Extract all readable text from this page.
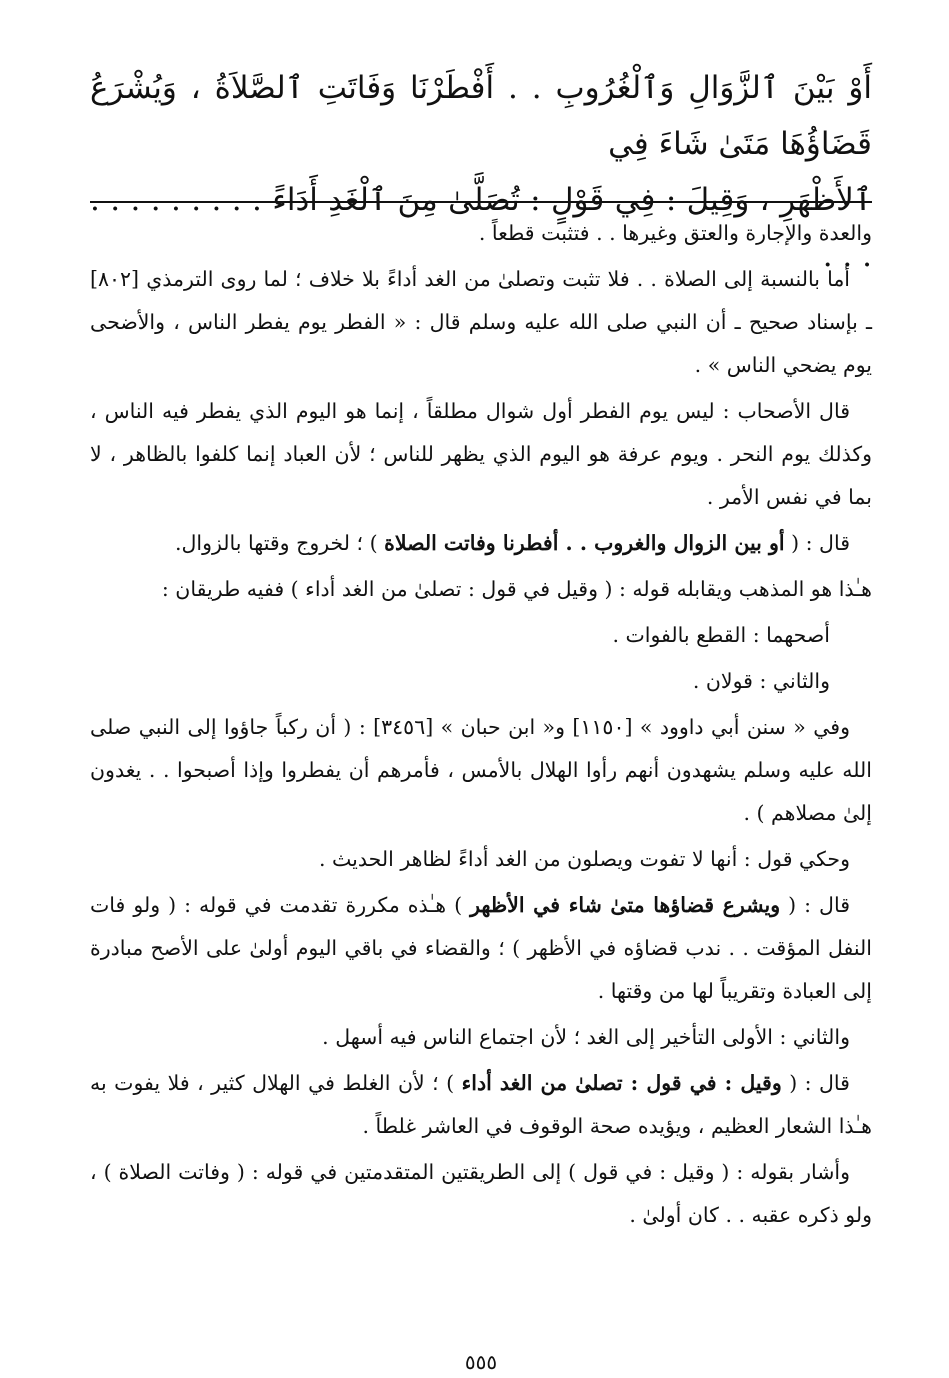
أَوْ بَيْنَ ٱلزَّوَالِ وَٱلْغُرُوبِ . . أَفْطَرْنَا وَفَاتَتِ ٱلصَّلاَةُ ، وَيُشْرَعُ قَضَاؤُهَا مَتَىٰ شَاءَ فِي

ٱلأَظْهَرِ ، وَقِيلَ : فِي قَوْلٍ : تُصَلَّىٰ مِنَ ٱلْغَدِ أَدَاءً . . . . . . . . . . . .

والعدة والإجارة والعتق وغيرها . . فتثبت قطعاً .

أما بالنسبة إلى الصلاة . . فلا تثبت وتصلىٰ من الغد أداءً بلا خلاف ؛ لما روى الترمذي [٨٠٢] ـ بإسناد صحيح ـ أن النبي صلى الله عليه وسلم قال : « الفطر يوم يفطر الناس ، والأضحى يوم يضحي الناس » .

قال الأصحاب : ليس يوم الفطر أول شوال مطلقاً ، إنما هو اليوم الذي يفطر فيه الناس ، وكذلك يوم النحر . ويوم عرفة هو اليوم الذي يظهر للناس ؛ لأن العباد إنما كلفوا بالظاهر ، لا بما في نفس الأمر .

قال : ( أو بين الزوال والغروب . . أفطرنا وفاتت الصلاة ) ؛ لخروج وقتها بالزوال.

هـٰذا هو المذهب ويقابله قوله : ( وقيل في قول : تصلىٰ من الغد أداء ) ففيه طريقان :

أصحهما : القطع بالفوات .

والثاني : قولان .

وفي « سنن أبي داوود » [١١٥٠] و« ابن حبان » [٣٤٥٦] : ( أن ركباً جاؤوا إلى النبي صلى الله عليه وسلم يشهدون أنهم رأوا الهلال بالأمس ، فأمرهم أن يفطروا وإذا أصبحوا . . يغدون إلىٰ مصلاهم ) .

وحكي قول : أنها لا تفوت ويصلون من الغد أداءً لظاهر الحديث .

قال : ( ويشرع قضاؤها متىٰ شاء في الأظهر ) هـٰذه مكررة تقدمت في قوله : ( ولو فات النفل المؤقت . . ندب قضاؤه في الأظهر ) ؛ والقضاء في باقي اليوم أولىٰ على الأصح مبادرة إلى العبادة وتقريباً لها من وقتها .

والثاني : الأولى التأخير إلى الغد ؛ لأن اجتماع الناس فيه أسهل .

قال : ( وقيل : في قول : تصلىٰ من الغد أداء ) ؛ لأن الغلط في الهلال كثير ، فلا يفوت به هـٰذا الشعار العظيم ، ويؤيده صحة الوقوف في العاشر غلطاً .

وأشار بقوله : ( وقيل : في قول ) إلى الطريقتين المتقدمتين في قوله : ( وفاتت الصلاة ) ، ولو ذكره عقبه . . كان أولىٰ .

٥٥٥
